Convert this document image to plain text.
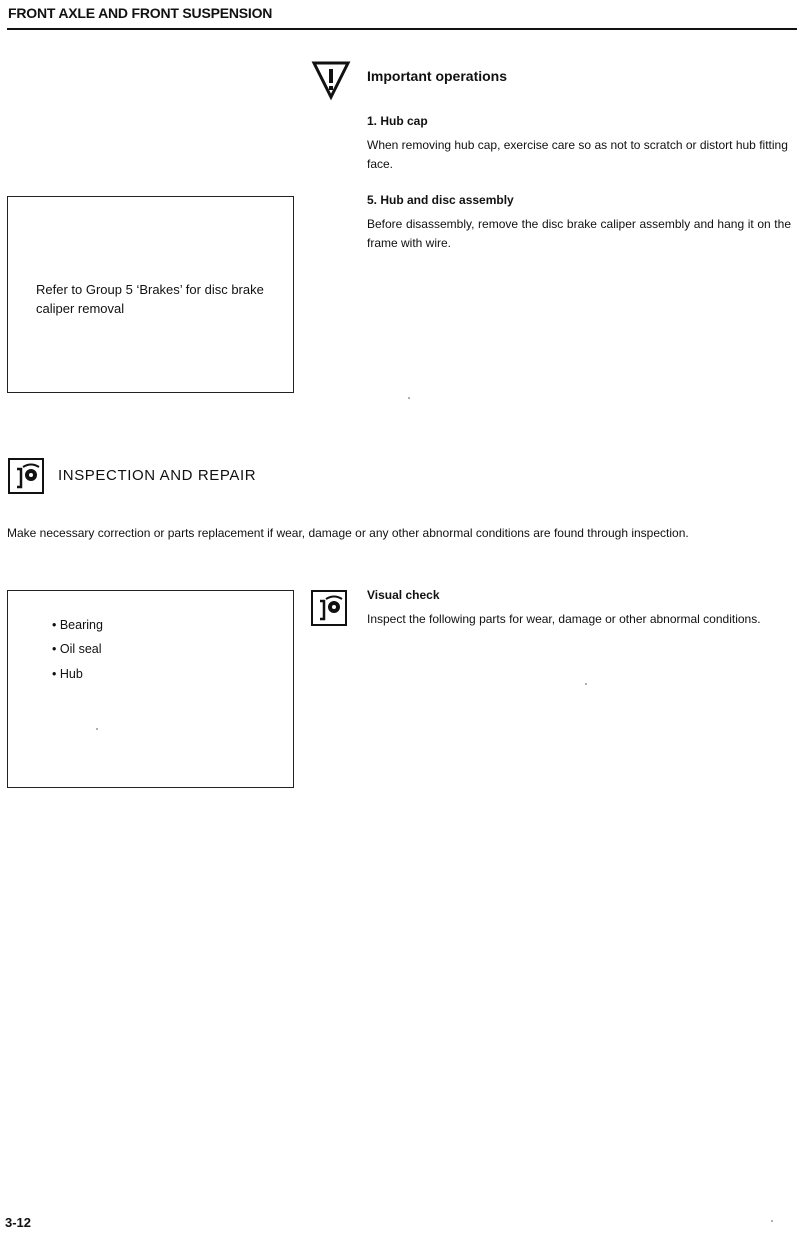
FRONT AXLE AND FRONT SUSPENSION
Important operations
1. Hub cap
When removing hub cap, exercise care so as not to scratch or distort hub fitting face.
5. Hub and disc assembly
Before disassembly, remove the disc brake caliper assembly and hang it on the frame with wire.
Refer to Group 5 ‘Brakes’ for disc brake caliper removal
INSPECTION AND REPAIR
Make necessary correction or parts replacement if wear, damage or any other abnormal conditions are found through inspection.
• Bearing
• Oil seal
• Hub
Visual check
Inspect the following parts for wear, damage or other abnormal conditions.
3-12
